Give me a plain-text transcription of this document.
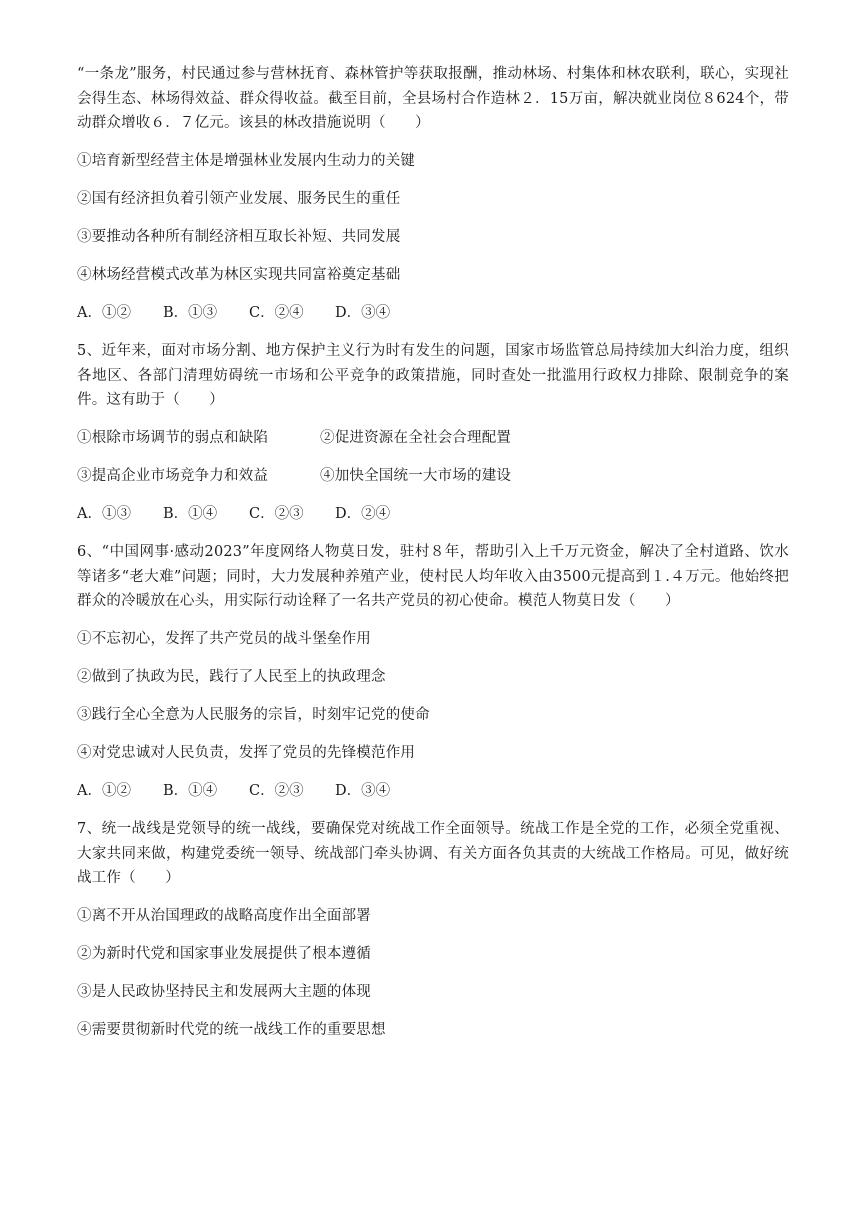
“一条龙”服务，村民通过参与营林抚育、森林管护等获取报酬，推动林场、村集体和林农联利，联心，实现社会得生态、林场得效益、群众得收益。截至目前，全县场村合作造林２．15万亩，解决就业岗位８624个，带动群众增收６．７亿元。该县的林改措施说明（　　）

①培育新型经营主体是增强林业发展内生动力的关键

②国有经济担负着引领产业发展、服务民生的重任

③要推动各种所有制经济相互取长补短、共同发展

④林场经营模式改革为林区实现共同富裕奠定基础

A．①②	B．①③	C．②④	D．③④

5、近年来，面对市场分割、地方保护主义行为时有发生的问题，国家市场监管总局持续加大纠治力度，组织各地区、各部门清理妨碍统一市场和公平竞争的政策措施，同时查处一批滥用行政权力排除、限制竞争的案件。这有助于（　　）

①根除市场调节的弱点和缺陷	②促进资源在全社会合理配置
③提高企业市场竞争力和效益	④加快全国统一大市场的建设
A．①③	B．①④	C．②③	D．②④

6、“中国网事·感动2023”年度网络人物莫日发，驻村８年，帮助引入上千万元资金，解决了全村道路、饮水等诸多“老大难”问题；同时，大力发展种养殖产业，使村民人均年收入由3500元提高到１.４万元。他始终把群众的冷暖放在心头，用实际行动诠释了一名共产党员的初心使命。模范人物莫日发（　　）

①不忘初心，发挥了共产党员的战斗堡垒作用

②做到了执政为民，践行了人民至上的执政理念

③践行全心全意为人民服务的宗旨，时刻牢记党的使命

④对党忠诚对人民负责，发挥了党员的先锋模范作用

A．①②	B．①④	C．②③	D．③④

7、统一战线是党领导的统一战线，要确保党对统战工作全面领导。统战工作是全党的工作，必须全党重视、大家共同来做，构建党委统一领导、统战部门牵头协调、有关方面各负其责的大统战工作格局。可见，做好统战工作（　　）

①离不开从治国理政的战略高度作出全面部署

②为新时代党和国家事业发展提供了根本遵循

③是人民政协坚持民主和发展两大主题的体现

④需要贯彻新时代党的统一战线工作的重要思想
